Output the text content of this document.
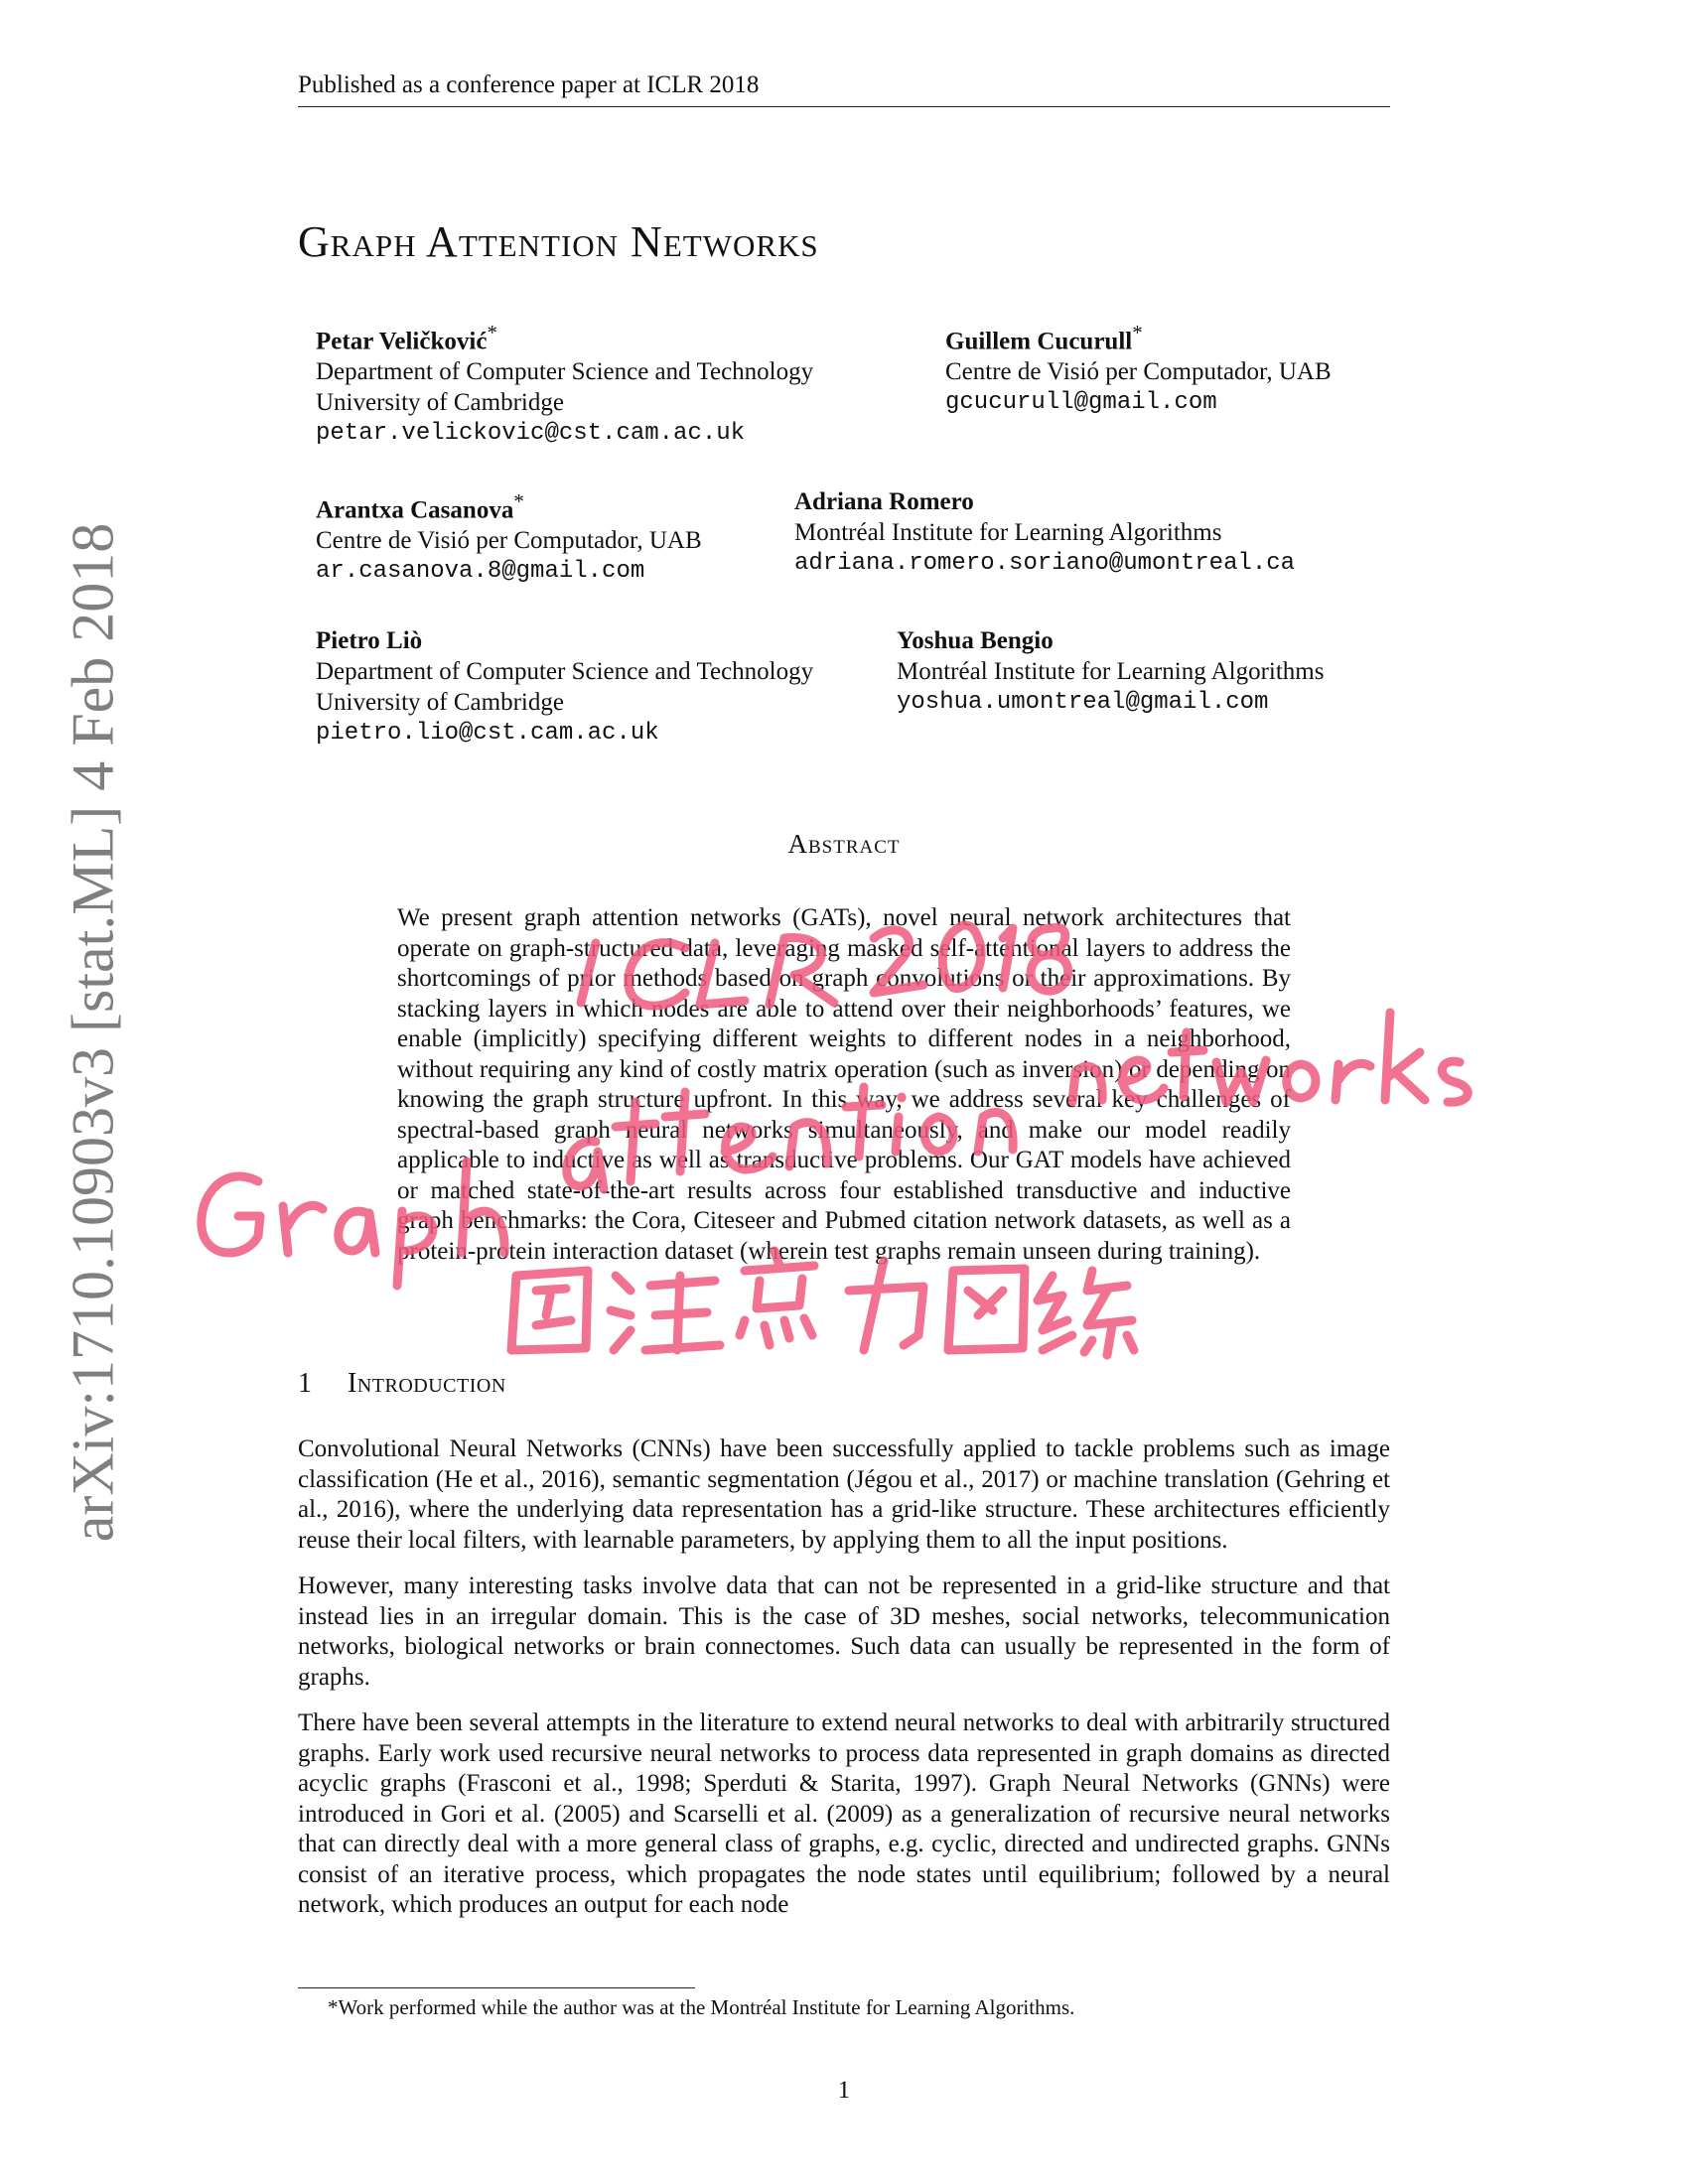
Published as a conference paper at ICLR 2018
Graph Attention Networks
Petar Veličković*
Department of Computer Science and Technology
University of Cambridge
petar.velickovic@cst.cam.ac.uk
Guillem Cucurull*
Centre de Visió per Computador, UAB
gcucurull@gmail.com
Arantxa Casanova*
Centre de Visió per Computador, UAB
ar.casanova.8@gmail.com
Adriana Romero
Montréal Institute for Learning Algorithms
adriana.romero.soriano@umontreal.ca
Pietro Liò
Department of Computer Science and Technology
University of Cambridge
pietro.lio@cst.cam.ac.uk
Yoshua Bengio
Montréal Institute for Learning Algorithms
yoshua.umontreal@gmail.com
Abstract
We present graph attention networks (GATs), novel neural network architectures that operate on graph-structured data, leveraging masked self-attentional layers to address the shortcomings of prior methods based on graph convolutions or their approximations. By stacking layers in which nodes are able to attend over their neighborhoods’ features, we enable (implicitly) specifying different weights to different nodes in a neighborhood, without requiring any kind of costly matrix operation (such as inversion) or depending on knowing the graph structure upfront. In this way, we address several key challenges of spectral-based graph neural networks simultaneously, and make our model readily applicable to inductive as well as transductive problems. Our GAT models have achieved or matched state-of-the-art results across four established transductive and inductive graph benchmarks: the Cora, Citeseer and Pubmed citation network datasets, as well as a protein-protein interaction dataset (wherein test graphs remain unseen during training).
1 Introduction

Convolutional Neural Networks (CNNs) have been successfully applied to tackle problems such as image classification (He et al., 2016), semantic segmentation (Jégou et al., 2017) or machine translation (Gehring et al., 2016), where the underlying data representation has a grid-like structure. These architectures efficiently reuse their local filters, with learnable parameters, by applying them to all the input positions.

However, many interesting tasks involve data that can not be represented in a grid-like structure and that instead lies in an irregular domain. This is the case of 3D meshes, social networks, telecommunication networks, biological networks or brain connectomes. Such data can usually be represented in the form of graphs.

There have been several attempts in the literature to extend neural networks to deal with arbitrarily structured graphs. Early work used recursive neural networks to process data represented in graph domains as directed acyclic graphs (Frasconi et al., 1998; Sperduti & Starita, 1997). Graph Neural Networks (GNNs) were introduced in Gori et al. (2005) and Scarselli et al. (2009) as a generalization of recursive neural networks that can directly deal with a more general class of graphs, e.g. cyclic, directed and undirected graphs. GNNs consist of an iterative process, which propagates the node states until equilibrium; followed by a neural network, which produces an output for each node

*Work performed while the author was at the Montréal Institute for Learning Algorithms.
1
arXiv:1710.10903v3 [stat.ML] 4 Feb 2018
